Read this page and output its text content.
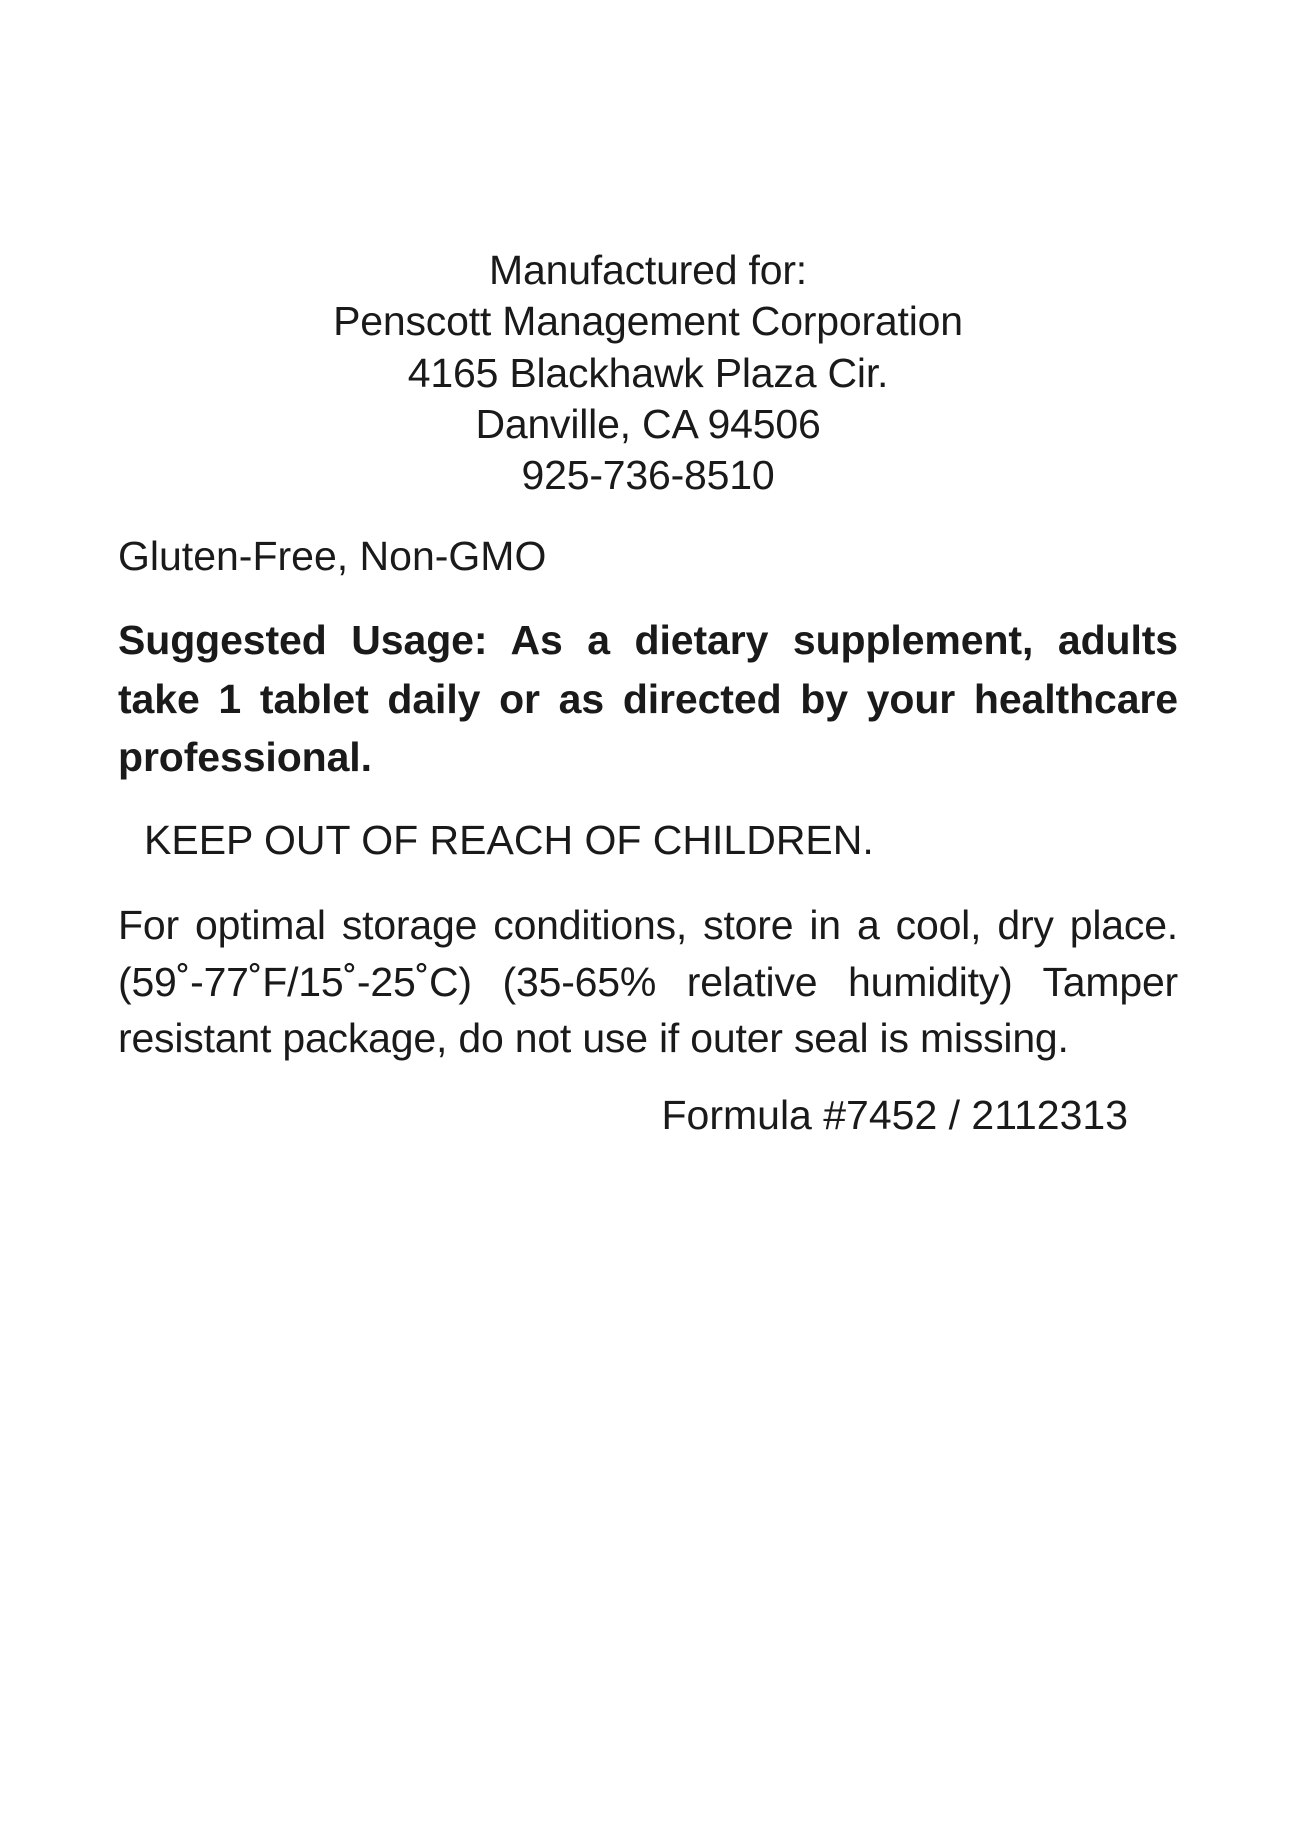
Manufactured for:
Penscott Management Corporation
4165 Blackhawk Plaza Cir.
Danville, CA 94506
925-736-8510

Gluten-Free, Non-GMO

Suggested Usage: As a dietary supplement, adults take 1 tablet daily or as directed by your healthcare professional.

KEEP OUT OF REACH OF CHILDREN.

For optimal storage conditions, store in a cool, dry place. (59˚-77˚F/15˚-25˚C) (35-65% relative humidity) Tamper resistant package, do not use if outer seal is missing.

Formula #7452 / 2112313
